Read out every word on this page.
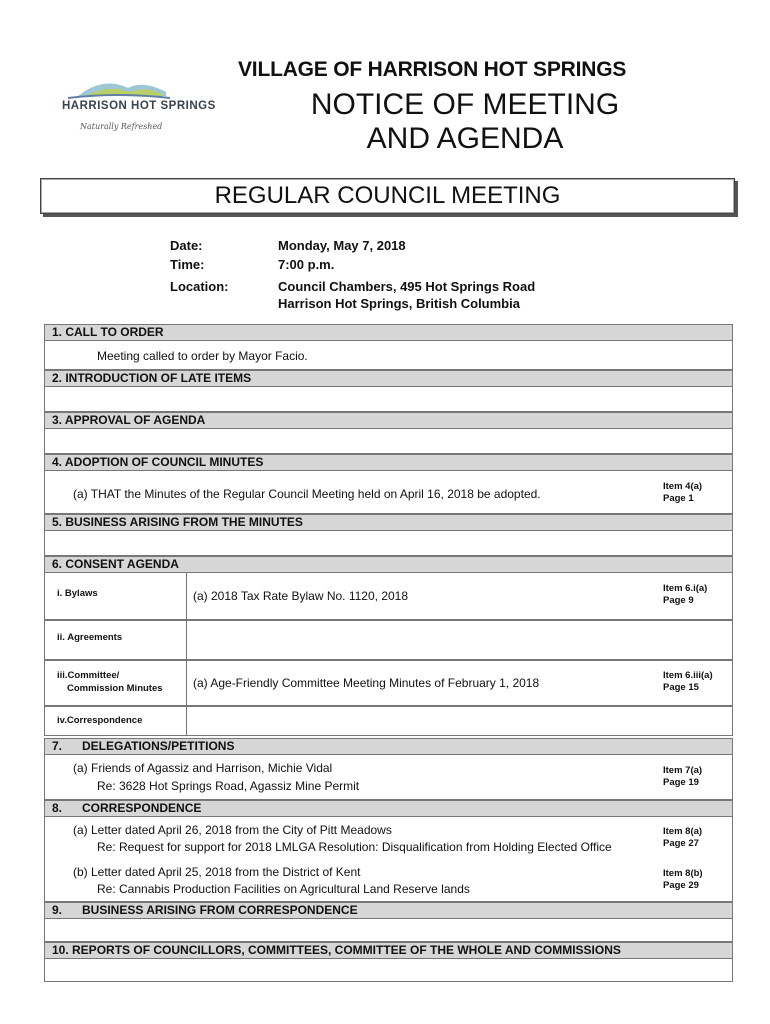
HARRISON HOT SPRINGS
Naturally Refreshed
VILLAGE OF HARRISON HOT SPRINGS
NOTICE OF MEETING
AND AGENDA
REGULAR COUNCIL MEETING
Date:	Monday, May 7, 2018
Time:	7:00 p.m.
Location:	Council Chambers, 495 Hot Springs Road
Harrison Hot Springs, British Columbia
1. CALL TO ORDER
Meeting called to order by Mayor Facio.
2. INTRODUCTION OF LATE ITEMS
3. APPROVAL OF AGENDA
4. ADOPTION OF COUNCIL MINUTES
(a) THAT the Minutes of the Regular Council Meeting held on April 16, 2018 be adopted.
Item 4(a)
Page 1
5. BUSINESS ARISING FROM THE MINUTES
6. CONSENT AGENDA
i. Bylaws	(a) 2018 Tax Rate Bylaw No. 1120, 2018
Item 6.i(a)
Page 9
ii. Agreements
iii.Committee/
Commission Minutes	(a) Age-Friendly Committee Meeting Minutes of February 1, 2018
Item 6.iii(a)
Page 15
iv.Correspondence
7. DELEGATIONS/PETITIONS
(a) Friends of Agassiz and Harrison, Michie Vidal
Re: 3628 Hot Springs Road, Agassiz Mine Permit
Item 7(a)
Page 19
8. CORRESPONDENCE
(a) Letter dated April 26, 2018 from the City of Pitt Meadows
Re: Request for support for 2018 LMLGA Resolution: Disqualification from Holding Elected Office
Item 8(a)
Page 27
(b) Letter dated April 25, 2018 from the District of Kent
Re: Cannabis Production Facilities on Agricultural Land Reserve lands
Item 8(b)
Page 29
9. BUSINESS ARISING FROM CORRESPONDENCE
10. REPORTS OF COUNCILLORS, COMMITTEES, COMMITTEE OF THE WHOLE AND COMMISSIONS
